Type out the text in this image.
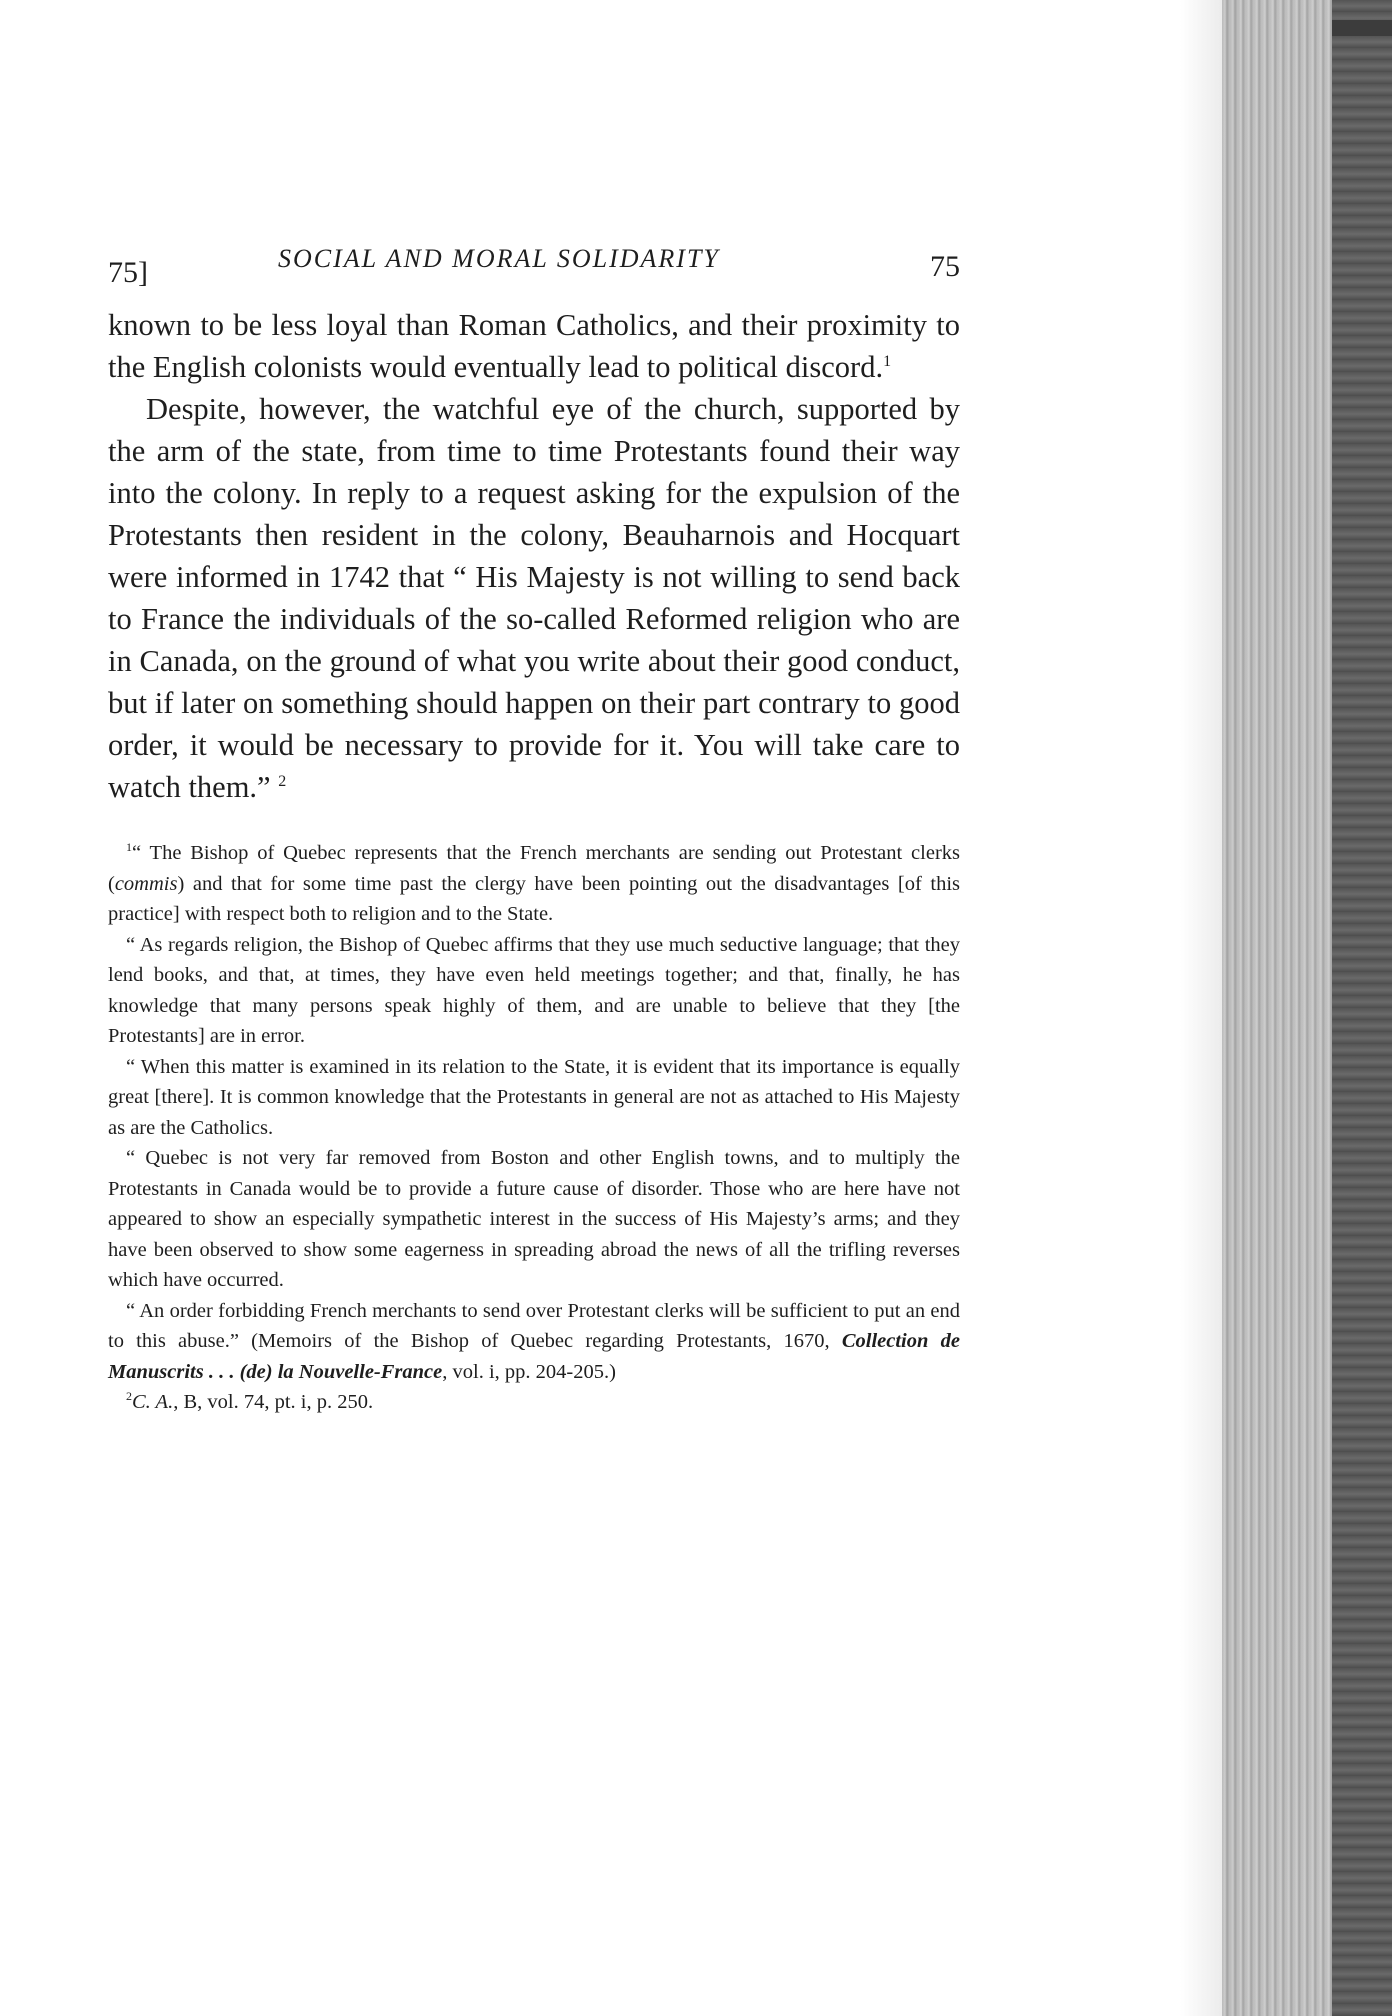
75]	SOCIAL AND MORAL SOLIDARITY	75

known to be less loyal than Roman Catholics, and their proximity to the English colonists would eventually lead to political discord.$^1$

Despite, however, the watchful eye of the church, supported by the arm of the state, from time to time Protestants found their way into the colony. In reply to a request asking for the expulsion of the Protestants then resident in the colony, Beauharnois and Hocquart were informed in 1742 that “ His Majesty is not willing to send back to France the individuals of the so-called Reformed religion who are in Canada, on the ground of what you write about their good conduct, but if later on something should happen on their part contrary to good order, it would be necessary to provide for it. You will take care to watch them.” $^2$

$^1$“ The Bishop of Quebec represents that the French merchants are sending out Protestant clerks (commis) and that for some time past the clergy have been pointing out the disadvantages [of this practice] with respect both to religion and to the State.

“ As regards religion, the Bishop of Quebec affirms that they use much seductive language; that they lend books, and that, at times, they have even held meetings together; and that, finally, he has knowledge that many persons speak highly of them, and are unable to believe that they [the Protestants] are in error.

“ When this matter is examined in its relation to the State, it is evident that its importance is equally great [there]. It is common knowledge that the Protestants in general are not as attached to His Majesty as are the Catholics.

“ Quebec is not very far removed from Boston and other English towns, and to multiply the Protestants in Canada would be to provide a future cause of disorder. Those who are here have not appeared to show an especially sympathetic interest in the success of His Majesty’s arms; and they have been observed to show some eagerness in spreading abroad the news of all the trifling reverses which have occurred.

“ An order forbidding French merchants to send over Protestant clerks will be sufficient to put an end to this abuse.” (Memoirs of the Bishop of Quebec regarding Protestants, 1670, Collection de Manuscrits . . . (de) la Nouvelle-France, vol. i, pp. 204-205.)

$^2$C. A., B, vol. 74, pt. i, p. 250.
